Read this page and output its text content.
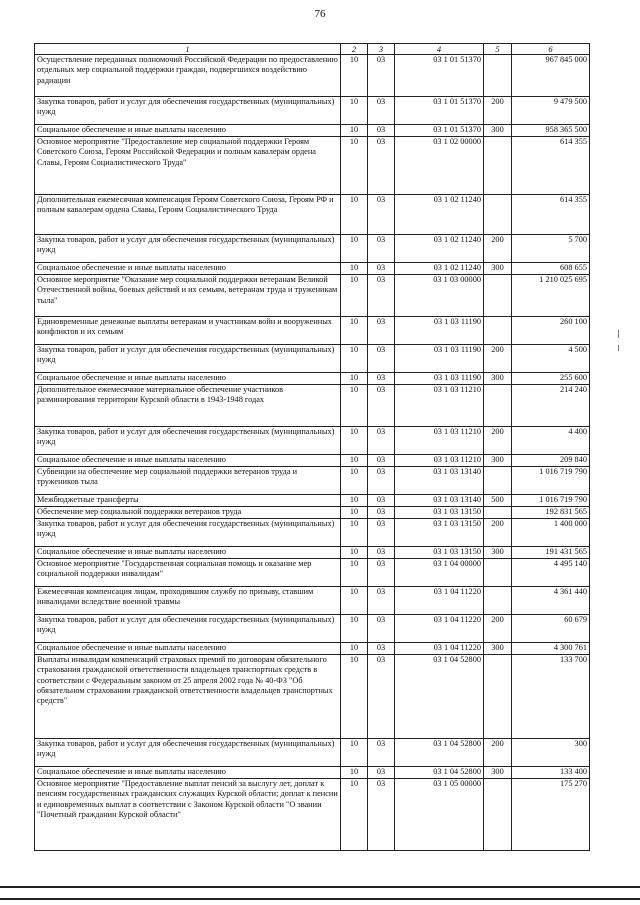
76
1	2	3	4	5	6
Осуществление переданных полномочий Российской Федерации по предоставлению отдельных мер социальной поддержки граждан, подвергшихся воздействию радиации	10	03	03 1 01 51370		967 845 000
Закупка товаров, работ и услуг для обеспечения государственных (муниципальных) нужд	10	03	03 1 01 51370	200	9 479 500
Социальное обеспечение и иные выплаты населению	10	03	03 1 01 51370	300	958 365 500
Основное мероприятие "Предоставление мер социальной поддержки Героям Советского Союза, Героям Российской Федерации и полным кавалерам ордена Славы, Героям Социалистического Труда"	10	03	03 1 02 00000		614 355
Дополнительная ежемесячная компенсация Героям Советского Союза, Героям РФ и полным кавалерам ордена Славы, Героям Социалистического Труда	10	03	03 1 02 11240		614 355
Закупка товаров, работ и услуг для обеспечения государственных (муниципальных) нужд	10	03	03 1 02 11240	200	5 700
Социальное обеспечение и иные выплаты населению	10	03	03 1 02 11240	300	608 655
Основное мероприятие "Оказание мер социальной поддержки ветеранам Великой Отечественной войны, боевых действий и их семьям, ветеранам труда и труженикам тыла"	10	03	03 1 03 00000		1 210 025 695
Единовременные денежные выплаты ветеранам и участникам войн и вооруженных конфликтов и их семьям	10	03	03 1 03 11190		260 100
Закупка товаров, работ и услуг для обеспечения государственных (муниципальных) нужд	10	03	03 1 03 11190	200	4 500
Социальное обеспечение и иные выплаты населению	10	03	03 1 03 11190	300	255 600
Дополнительное ежемесячное материальное обеспечение участников разминирования территории Курской области в 1943-1948 годах	10	03	03 1 03 11210		214 240
Закупка товаров, работ и услуг для обеспечения государственных (муниципальных) нужд	10	03	03 1 03 11210	200	4 400
Социальное обеспечение и иные выплаты населению	10	03	03 1 03 11210	300	209 840
Субвенции на обеспечение мер социальной поддержки ветеранов труда и тружеников тыла	10	03	03 1 03 13140		1 016 719 790
Межбюджетные трансферты	10	03	03 1 03 13140	500	1 016 719 790
Обеспечение мер социальной поддержки ветеранов труда	10	03	03 1 03 13150		192 831 565
Закупка товаров, работ и услуг для обеспечения государственных (муниципальных) нужд	10	03	03 1 03 13150	200	1 400 000
Социальное обеспечение и иные выплаты населению	10	03	03 1 03 13150	300	191 431 565
Основное мероприятие "Государственная социальная помощь и оказание мер социальной поддержки инвалидам"	10	03	03 1 04 00000		4 495 140
Ежемесячная компенсация лицам, проходившим службу по призыву, ставшим инвалидами вследствие военной травмы	10	03	03 1 04 11220		4 361 440
Закупка товаров, работ и услуг для обеспечения государственных (муниципальных) нужд	10	03	03 1 04 11220	200	60 679
Социальное обеспечение и иные выплаты населению	10	03	03 1 04 11220	300	4 300 761
Выплаты инвалидам компенсаций страховых премий по договорам обязательного страхования гражданской ответственности владельцев транспортных средств в соответствии с Федеральным законом от 25 апреля 2002 года № 40-ФЗ "Об обязательном страховании гражданской ответственности владельцев транспортных средств"	10	03	03 1 04 52800		133 700
Закупка товаров, работ и услуг для обеспечения государственных (муниципальных) нужд	10	03	03 1 04 52800	200	300
Социальное обеспечение и иные выплаты населению	10	03	03 1 04 52800	300	133 400
Основное мероприятие "Предоставление выплат пенсий за выслугу лет, доплат к пенсиям государственных гражданских служащих Курской области; доплат к пенсии и единовременных выплат в соответствии с Законом Курской области "О звании "Почетный гражданин Курской области"	10	03	03 1 05 00000		175 270
